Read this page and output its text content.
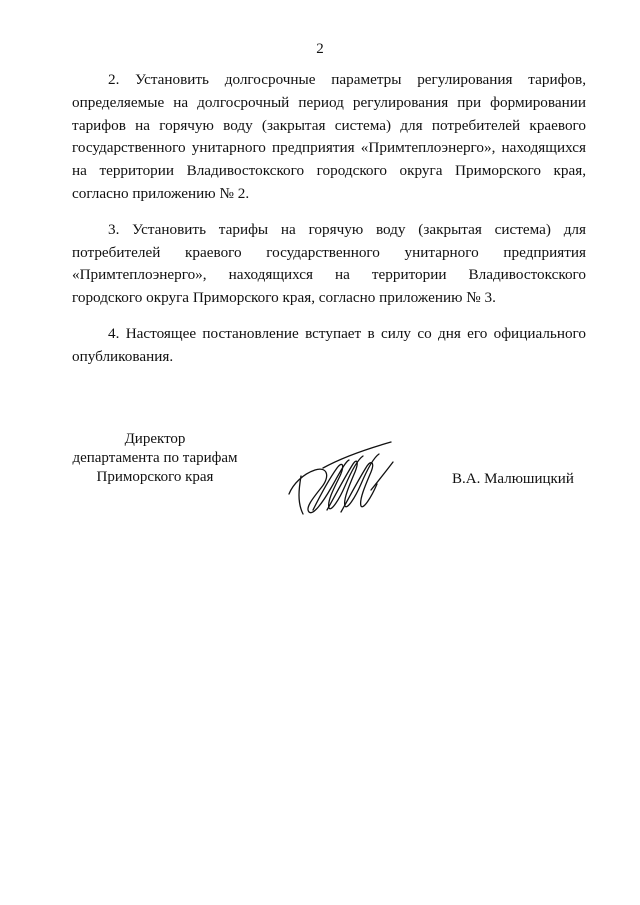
2

2. Установить долгосрочные параметры регулирования тарифов, определяемые на долгосрочный период регулирования при формировании тарифов на горячую воду (закрытая система) для потребителей краевого государственного унитарного предприятия «Примтеплоэнерго», находящихся на территории Владивостокского городского округа Приморского края, согласно приложению № 2.

3. Установить тарифы на горячую воду (закрытая система) для потребителей краевого государственного унитарного предприятия «Примтеплоэнерго», находящихся на территории Владивостокского городского округа Приморского края, согласно приложению № 3.

4. Настоящее постановление вступает в силу со дня его официального опубликования.

Директор
департамента по тарифам
Приморского края	В.А. Малюшицкий
